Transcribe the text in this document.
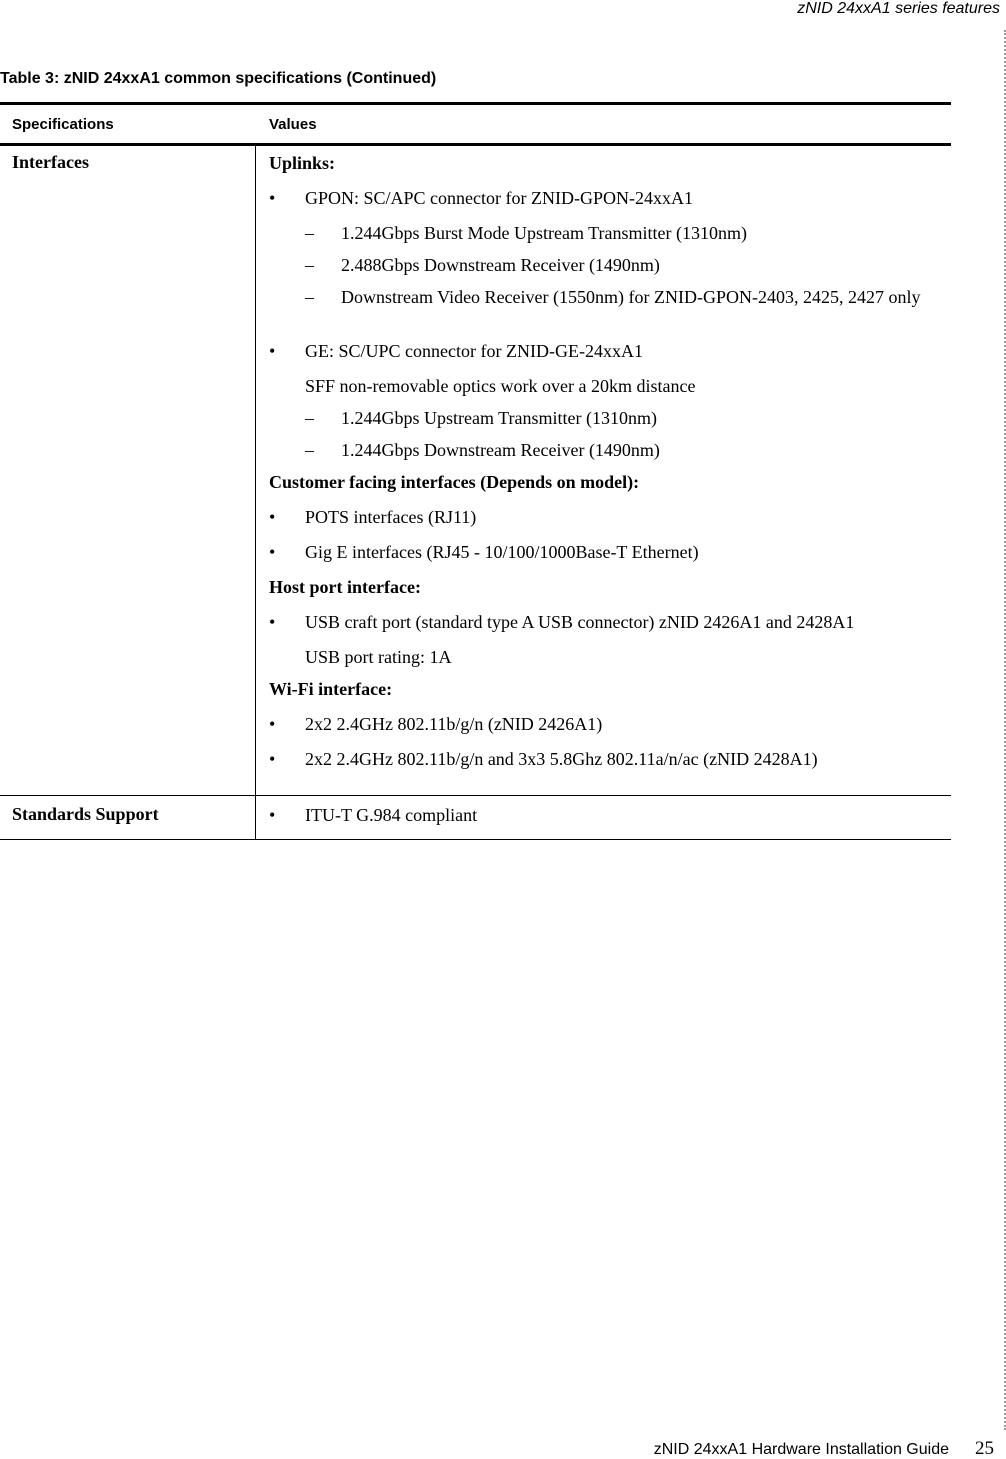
zNID 24xxA1 series features
Table 3: zNID 24xxA1 common specifications (Continued)
Specifications	Values
Interfaces	Uplinks:
• GPON: SC/APC connector for ZNID-GPON-24xxA1
– 1.244Gbps Burst Mode Upstream Transmitter (1310nm)
– 2.488Gbps Downstream Receiver (1490nm)
– Downstream Video Receiver (1550nm) for ZNID-GPON-2403, 2425, 2427 only
• GE: SC/UPC connector for ZNID-GE-24xxA1
SFF non-removable optics work over a 20km distance
– 1.244Gbps Upstream Transmitter (1310nm)
– 1.244Gbps Downstream Receiver (1490nm)
Customer facing interfaces (Depends on model):
• POTS interfaces (RJ11)
• Gig E interfaces (RJ45 - 10/100/1000Base-T Ethernet)
Host port interface:
• USB craft port (standard type A USB connector) zNID 2426A1 and 2428A1
USB port rating: 1A
Wi-Fi interface:
• 2x2 2.4GHz 802.11b/g/n (zNID 2426A1)
• 2x2 2.4GHz 802.11b/g/n and 3x3 5.8Ghz 802.11a/n/ac (zNID 2428A1)
Standards Support	• ITU-T G.984 compliant
zNID 24xxA1 Hardware Installation Guide 25
